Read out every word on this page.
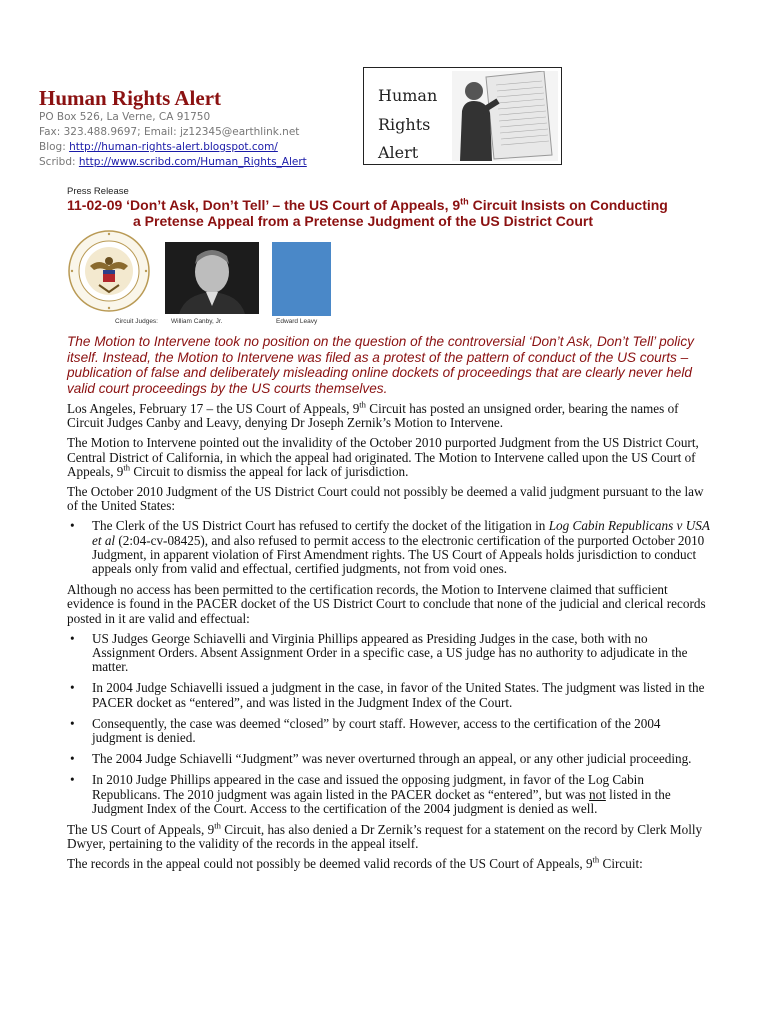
Human Rights Alert
PO Box 526, La Verne, CA 91750
Fax: 323.488.9697; Email: jz12345@earthlink.net
Blog: http://human-rights-alert.blogspot.com/
Scribd: http://www.scribd.com/Human_Rights_Alert
Human
Rights
Alert
Press Release
11-02-09 ‘Don’t Ask, Don’t Tell’ – the US Court of Appeals, 9th Circuit Insists on Conducting
a Pretense Appeal from a Pretense Judgment of the US District Court
Circuit Judges: William Canby, Jr.	Edward Leavy
The Motion to Intervene took no position on the question of the controversial ‘Don’t Ask, Don’t Tell’ policy itself. Instead, the Motion to Intervene was filed as a protest of the pattern of conduct of the US courts – publication of false and deliberately misleading online dockets of proceedings that are clearly never held valid court proceedings by the US courts themselves.

Los Angeles, February 17 – the US Court of Appeals, 9th Circuit has posted an unsigned order, bearing the names of Circuit Judges Canby and Leavy, denying Dr Joseph Zernik’s Motion to Intervene.

The Motion to Intervene pointed out the invalidity of the October 2010 purported Judgment from the US District Court, Central District of California, in which the appeal had originated. The Motion to Intervene called upon the US Court of Appeals, 9th Circuit to dismiss the appeal for lack of jurisdiction.

The October 2010 Judgment of the US District Court could not possibly be deemed a valid judgment pursuant to the law of the United States:

• The Clerk of the US District Court has refused to certify the docket of the litigation in Log Cabin Republicans v USA et al (2:04-cv-08425), and also refused to permit access to the electronic certification of the purported October 2010 Judgment, in apparent violation of First Amendment rights. The US Court of Appeals holds jurisdiction to conduct appeals only from valid and effectual, certified judgments, not from void ones.

Although no access has been permitted to the certification records, the Motion to Intervene claimed that sufficient evidence is found in the PACER docket of the US District Court to conclude that none of the judicial and clerical records posted in it are valid and effectual:

• US Judges George Schiavelli and Virginia Phillips appeared as Presiding Judges in the case, both with no Assignment Orders. Absent Assignment Order in a specific case, a US judge has no authority to adjudicate in the matter.
• In 2004 Judge Schiavelli issued a judgment in the case, in favor of the United States. The judgment was listed in the PACER docket as “entered”, and was listed in the Judgment Index of the Court.
• Consequently, the case was deemed “closed” by court staff. However, access to the certification of the 2004 judgment is denied.
• The 2004 Judge Schiavelli “Judgment” was never overturned through an appeal, or any other judicial proceeding.
• In 2010 Judge Phillips appeared in the case and issued the opposing judgment, in favor of the Log Cabin Republicans. The 2010 judgment was again listed in the PACER docket as “entered”, but was not listed in the Judgment Index of the Court. Access to the certification of the 2004 judgment is denied as well.

The US Court of Appeals, 9th Circuit, has also denied a Dr Zernik’s request for a statement on the record by Clerk Molly Dwyer, pertaining to the validity of the records in the appeal itself.

The records in the appeal could not possibly be deemed valid records of the US Court of Appeals, 9th Circuit:
